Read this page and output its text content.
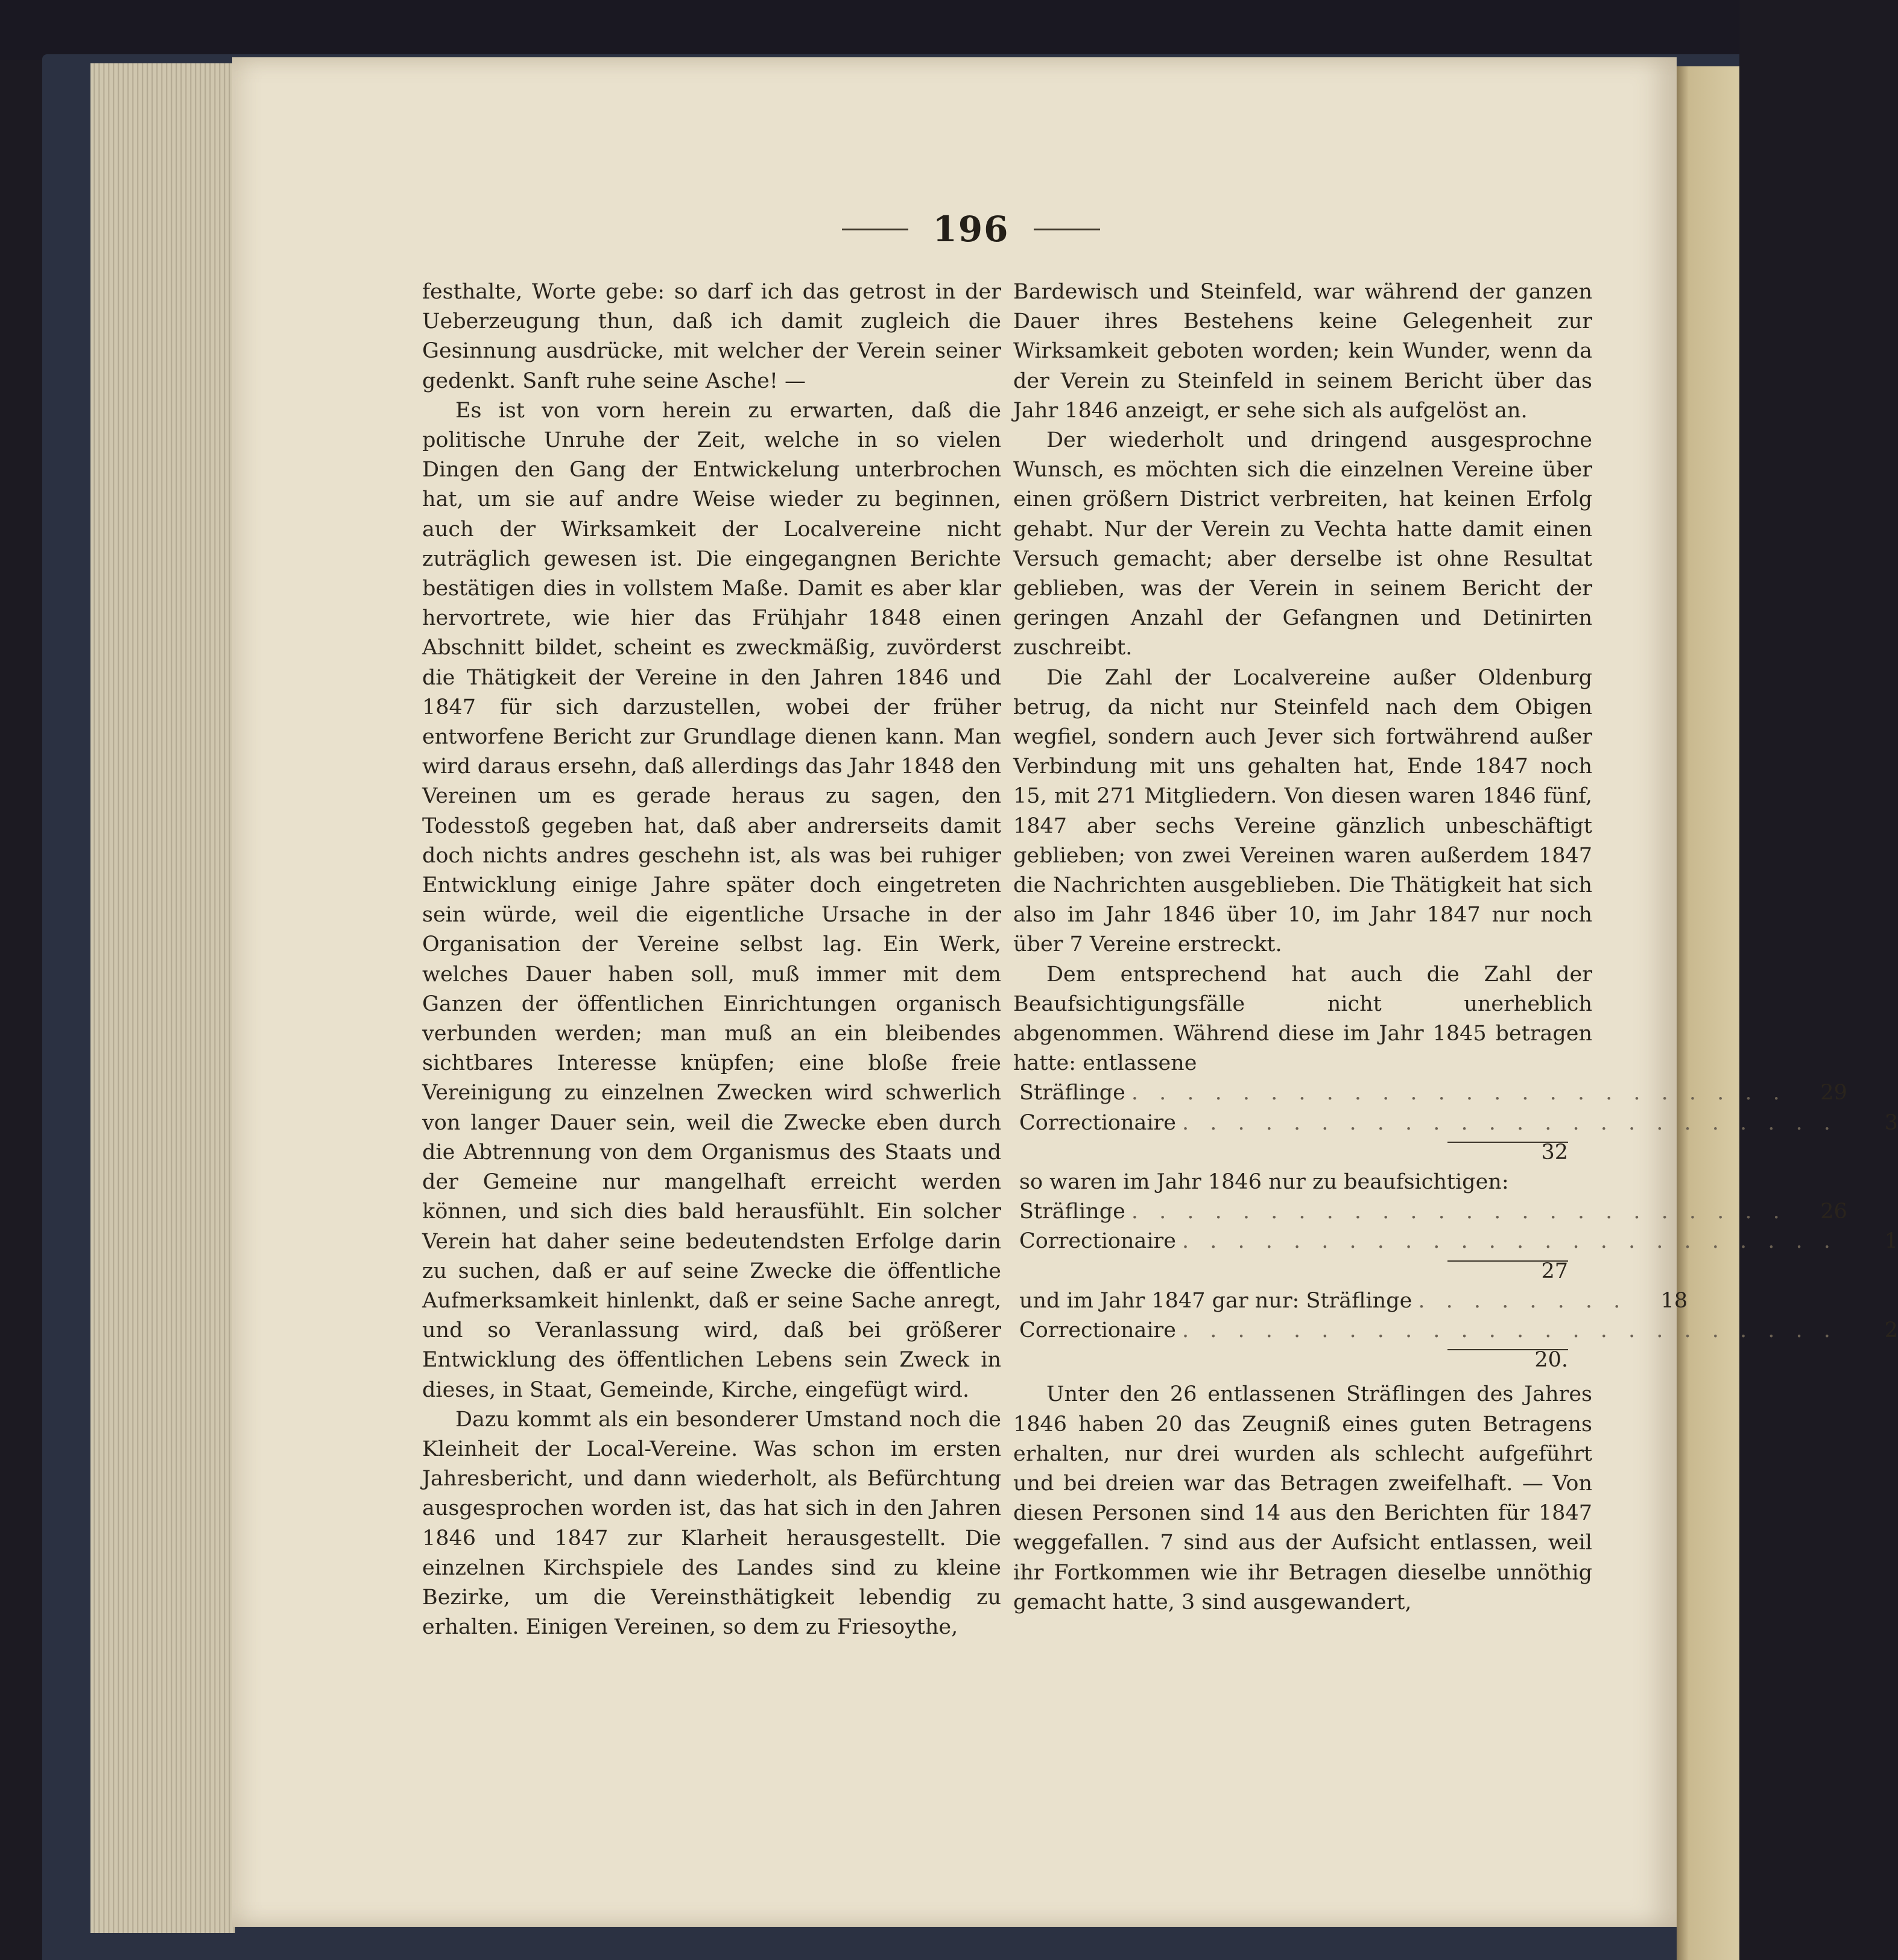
196

festhalte, Worte gebe: so darf ich das getrost in der Ueberzeugung thun, daß ich damit zugleich die Gesinnung ausdrücke, mit welcher der Verein seiner gedenkt. Sanft ruhe seine Asche! —

Es ist von vorn herein zu erwarten, daß die politische Unruhe der Zeit, welche in so vielen Dingen den Gang der Entwickelung unterbrochen hat, um sie auf andre Weise wieder zu beginnen, auch der Wirksamkeit der Localvereine nicht zuträglich gewesen ist. Die eingegangnen Berichte bestätigen dies in vollstem Maße. Damit es aber klar hervortrete, wie hier das Frühjahr 1848 einen Abschnitt bildet, scheint es zweckmäßig, zuvörderst die Thätigkeit der Vereine in den Jahren 1846 und 1847 für sich darzustellen, wobei der früher entworfene Bericht zur Grundlage dienen kann. Man wird daraus ersehn, daß allerdings das Jahr 1848 den Vereinen um es gerade heraus zu sagen, den Todesstoß gegeben hat, daß aber andrerseits damit doch nichts andres geschehn ist, als was bei ruhiger Entwicklung einige Jahre später doch eingetreten sein würde, weil die eigentliche Ursache in der Organisation der Vereine selbst lag. Ein Werk, welches Dauer haben soll, muß immer mit dem Ganzen der öffentlichen Einrichtungen organisch verbunden werden; man muß an ein bleibendes sichtbares Interesse knüpfen; eine bloße freie Vereinigung zu einzelnen Zwecken wird schwerlich von langer Dauer sein, weil die Zwecke eben durch die Abtrennung von dem Organismus des Staats und der Gemeine nur mangelhaft erreicht werden können, und sich dies bald herausfühlt. Ein solcher Verein hat daher seine bedeutendsten Erfolge darin zu suchen, daß er auf seine Zwecke die öffentliche Aufmerksamkeit hinlenkt, daß er seine Sache anregt, und so Veranlassung wird, daß bei größerer Entwicklung des öffentlichen Lebens sein Zweck in dieses, in Staat, Gemeinde, Kirche, eingefügt wird.

Dazu kommt als ein besonderer Umstand noch die Kleinheit der Local-Vereine. Was schon im ersten Jahresbericht, und dann wiederholt, als Befürchtung ausgesprochen worden ist, das hat sich in den Jahren 1846 und 1847 zur Klarheit herausgestellt. Die einzelnen Kirchspiele des Landes sind zu kleine Bezirke, um die Vereinsthätigkeit lebendig zu erhalten. Einigen Vereinen, so dem zu Friesoythe,

Bardewisch und Steinfeld, war während der ganzen Dauer ihres Bestehens keine Gelegenheit zur Wirksamkeit geboten worden; kein Wunder, wenn da der Verein zu Steinfeld in seinem Bericht über das Jahr 1846 anzeigt, er sehe sich als aufgelöst an.

Der wiederholt und dringend ausgesprochne Wunsch, es möchten sich die einzelnen Vereine über einen größern District verbreiten, hat keinen Erfolg gehabt. Nur der Verein zu Vechta hatte damit einen Versuch gemacht; aber derselbe ist ohne Resultat geblieben, was der Verein in seinem Bericht der geringen Anzahl der Gefangnen und Detinirten zuschreibt.

Die Zahl der Localvereine außer Oldenburg betrug, da nicht nur Steinfeld nach dem Obigen wegfiel, sondern auch Jever sich fortwährend außer Verbindung mit uns gehalten hat, Ende 1847 noch 15, mit 271 Mitgliedern. Von diesen waren 1846 fünf, 1847 aber sechs Vereine gänzlich unbeschäftigt geblieben; von zwei Vereinen waren außerdem 1847 die Nachrichten ausgeblieben. Die Thätigkeit hat sich also im Jahr 1846 über 10, im Jahr 1847 nur noch über 7 Vereine erstreckt.

Dem entsprechend hat auch die Zahl der Beaufsichtigungsfälle nicht unerheblich abgenommen. Während diese im Jahr 1845 betragen hatte: entlassene

Sträflinge . . . . . . . . . . . . . . . . . . . . . . . .	29
Correctionaire . . . . . . . . . . . . . . . . . . . . . . . .	3
32
so waren im Jahr 1846 nur zu beaufsichtigen:
Sträflinge . . . . . . . . . . . . . . . . . . . . . . . .	26
Correctionaire . . . . . . . . . . . . . . . . . . . . . . . .	1
27
und im Jahr 1847 gar nur: Sträflinge . . . . . . . .	18
Correctionaire . . . . . . . . . . . . . . . . . . . . . . . .	2
20.

Unter den 26 entlassenen Sträflingen des Jahres 1846 haben 20 das Zeugniß eines guten Betragens erhalten, nur drei wurden als schlecht aufgeführt und bei dreien war das Betragen zweifelhaft. — Von diesen Personen sind 14 aus den Berichten für 1847 weggefallen. 7 sind aus der Aufsicht entlassen, weil ihr Fortkommen wie ihr Betragen dieselbe unnöthig gemacht hatte, 3 sind ausgewandert,
